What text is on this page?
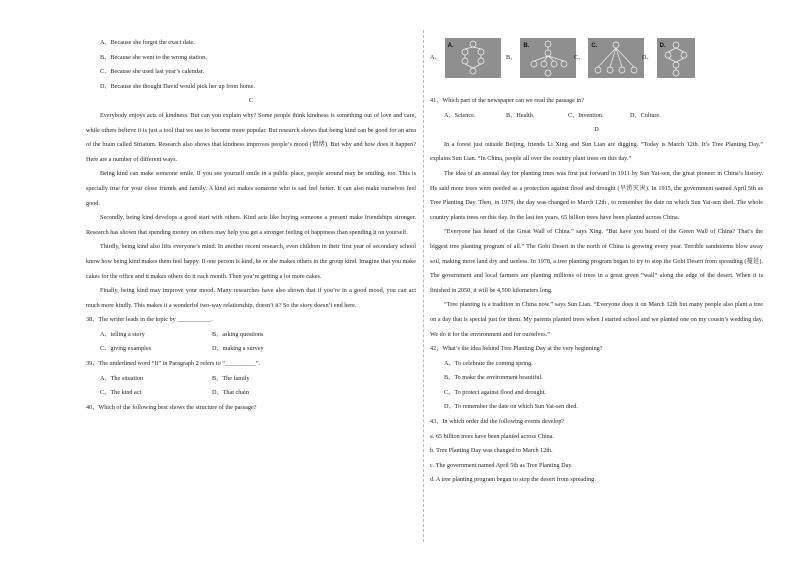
A、Because she forgot the exact date.

B、Because she went to the wrong station.

C、Because she used last year’s calendar.

D、Because she thought David would pick her up from home.

C

Everybody enjoys acts of kindness. But can you explain why? Some people think kindness is something out of love and care, while others believe it is just a tool that we use to become more popular. But research shows that being kind can be good for an area of the brain called Striatum. Research also shows that kindness improves people’s mood (情绪). But why and how does it happen? Here are a number of different ways.

Being kind can make someone smile. If you see yourself smile in a public place, people around may be smiling, too. This is specially true for your close friends and family. A kind act makes someone who is sad feel better. It can also make ourselves feel good.

Secondly, being kind develops a good start with others. Kind acts like buying someone a present make friendships stronger. Research has shown that spending money on others may help you get a stronger feeling of happiness than spending it on yourself.

Thirdly, being kind also lifts everyone’s mind. In another recent research, even children in their first year of secondary school know how being kind makes them feel happy. If one person is kind, he or she makes others in the group kind. Imagine that you make cakes for the office and it makes others do it each month. Then you’re getting a lot more cakes.

Finally, being kind may improve your mood. Many researches have also shown that if you’re in a good mood, you can act much more kindly. This makes it a wonderful two-way relationship, doesn’t it? So the story doesn’t end here.

38、The writer leads in the topic by ___________.

A、telling a story	B、asking questions
C、giving examples	D、making a survey

39、The underlined word “It” in Paragraph 2 refers to “__________”.

A、The situation	B、The family
C、The kind act	D、That chain

40、Which of the following best shows the structure of the passage?

A、
A.
B、
B.
C、
C.
D、
D.

41、Which part of the newspaper can we read the passage in?

A、Science.	B、Health.	C、Invention.	D、Culture.

D

In a forest just outside Beijing, friends Li Xing and Sun Lian are digging. “Today is March 12th. It’s Tree Planting Day.” explains Sun Lian. “In China, people all over the country plant trees on this day.”

The idea of an annual day for planting trees was first put forward in 1911 by Sun Yat-sen, the great pioneer in China’s history. He said more trees were needed as a protection against flood and drought (旱涝灾害). In 1915, the government named April 5th as Tree Planting Day. Then, in 1979, the day was changed to March 12th , to remember the date on which Sun Yat-sen died. The whole country plants trees on this day. In the last ten years, 65 billion trees have been planted across China.

“Everyone has heard of the Great Wall of China.” says Xing. “But have you heard of the Green Wall of China? That’s the biggest tree planting program of all.” The Gobi Desert in the north of China is growing every year. Terrible sandstorms blow away soil, making more land dry and useless. In 1978, a tree planting program began to try to stop the Gobi Desert from spreading (蔓延). The government and local farmers are planting millions of trees in a great green “wall” along the edge of the desert. When it is finished in 2050, it will be 4,500 kilometers long.

“Tree planting is a tradition in China now.” says Sun Lian. “Everyone does it on March 12th but many people also plant a tree on a day that is special just for them. My parents planted trees when I started school and we planted one on my cousin’s wedding day. We do it for the environment and for ourselves.”

42、What’s the idea behind Tree Planting Day at the very beginning?

A、To celebrate the coming spring.

B、To make the environment beautiful.

C、To protect against flood and drought.

D、To remember the date on which Sun Yat-sen died.

43、In which order did the following events develop?

a. 65 billion trees have been planted across China.

b. Tree Planting Day was changed to March 12th.

c. The government named April 5th as Tree Planting Day.

d. A tree planting program began to stop the desert from spreading.
